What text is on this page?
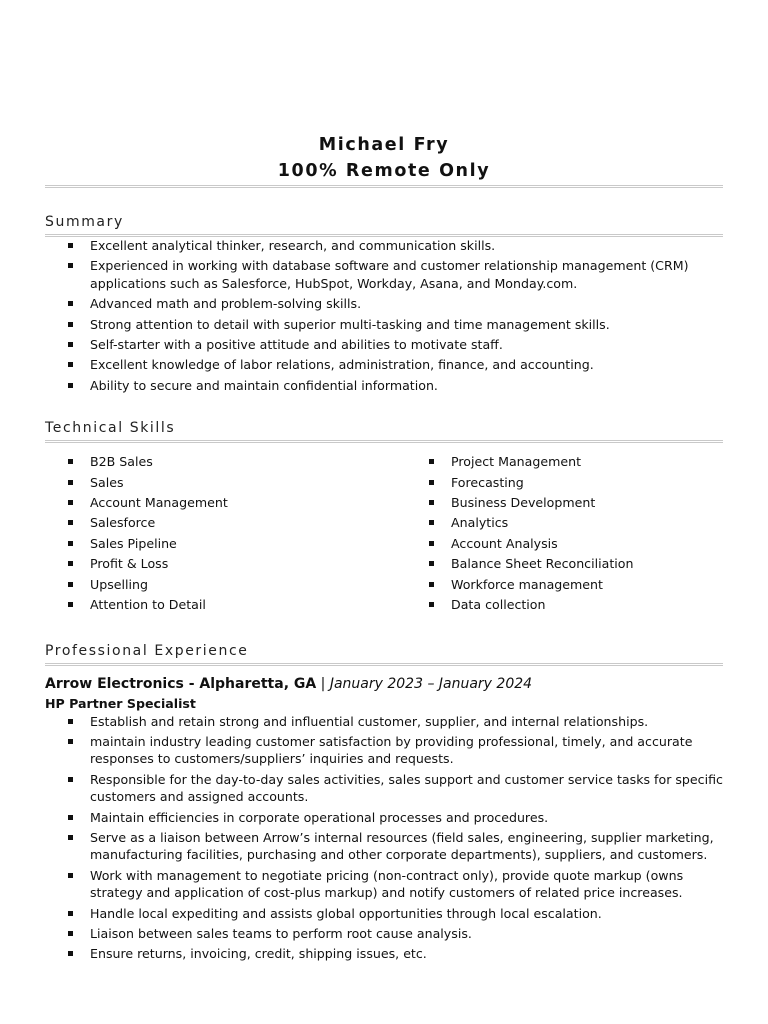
Michael Fry
100% Remote Only
Summary
Excellent analytical thinker, research, and communication skills.
Experienced in working with database software and customer relationship management (CRM) applications such as Salesforce, HubSpot, Workday, Asana, and Monday.com.
Advanced math and problem-solving skills.
Strong attention to detail with superior multi-tasking and time management skills.
Self-starter with a positive attitude and abilities to motivate staff.
Excellent knowledge of labor relations, administration, finance, and accounting.
Ability to secure and maintain confidential information.
Technical Skills
B2B Sales
Sales
Account Management
Salesforce
Sales Pipeline
Profit & Loss
Upselling
Attention to Detail
Project Management
Forecasting
Business Development
Analytics
Account Analysis
Balance Sheet Reconciliation
Workforce management
Data collection
Professional Experience
Arrow Electronics - Alpharetta, GA | January 2023 – January 2024
HP Partner Specialist
Establish and retain strong and influential customer, supplier, and internal relationships.
maintain industry leading customer satisfaction by providing professional, timely, and accurate responses to customers/suppliers’ inquiries and requests.
Responsible for the day-to-day sales activities, sales support and customer service tasks for specific customers and assigned accounts.
Maintain efficiencies in corporate operational processes and procedures.
Serve as a liaison between Arrow’s internal resources (field sales, engineering, supplier marketing, manufacturing facilities, purchasing and other corporate departments), suppliers, and customers.
Work with management to negotiate pricing (non-contract only), provide quote markup (owns strategy and application of cost-plus markup) and notify customers of related price increases.
Handle local expediting and assists global opportunities through local escalation.
Liaison between sales teams to perform root cause analysis.
Ensure returns, invoicing, credit, shipping issues, etc.
